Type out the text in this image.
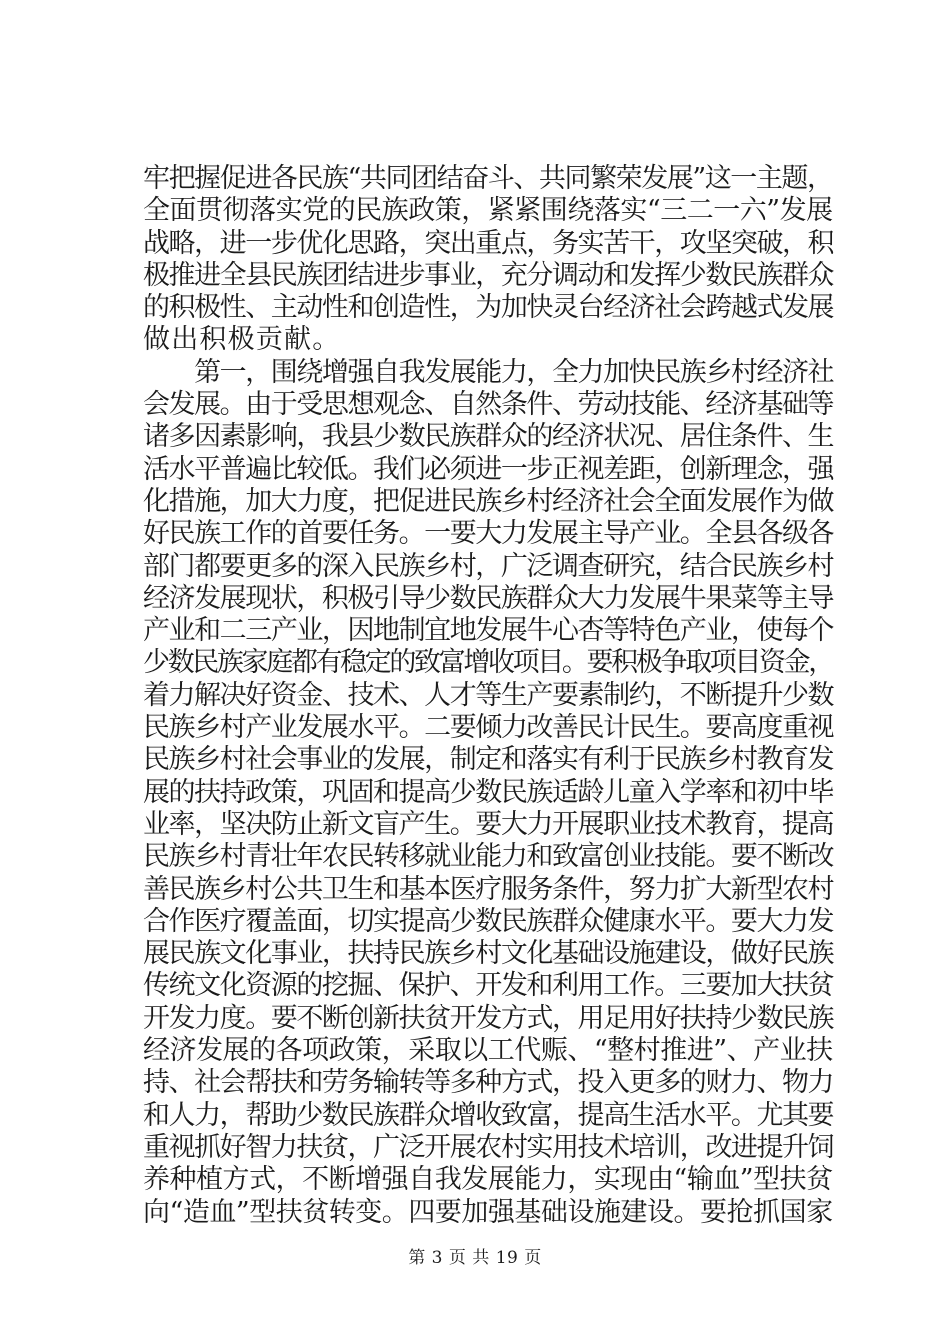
牢把握促进各民族“共同团结奋斗、共同繁荣发展”这一主题，
全面贯彻落实党的民族政策，紧紧围绕落实“三二一六”发展
战略，进一步优化思路，突出重点，务实苦干，攻坚突破，积
极推进全县民族团结进步事业，充分调动和发挥少数民族群众
的积极性、主动性和创造性，为加快灵台经济社会跨越式发展
做出积极贡献。
　　第一，围绕增强自我发展能力，全力加快民族乡村经济社
会发展。由于受思想观念、自然条件、劳动技能、经济基础等
诸多因素影响，我县少数民族群众的经济状况、居住条件、生
活水平普遍比较低。我们必须进一步正视差距，创新理念，强
化措施，加大力度，把促进民族乡村经济社会全面发展作为做
好民族工作的首要任务。一要大力发展主导产业。全县各级各
部门都要更多的深入民族乡村，广泛调查研究，结合民族乡村
经济发展现状，积极引导少数民族群众大力发展牛果菜等主导
产业和二三产业，因地制宜地发展牛心杏等特色产业，使每个
少数民族家庭都有稳定的致富增收项目。要积极争取项目资金，
着力解决好资金、技术、人才等生产要素制约，不断提升少数
民族乡村产业发展水平。二要倾力改善民计民生。要高度重视
民族乡村社会事业的发展，制定和落实有利于民族乡村教育发
展的扶持政策，巩固和提高少数民族适龄儿童入学率和初中毕
业率，坚决防止新文盲产生。要大力开展职业技术教育，提高
民族乡村青壮年农民转移就业能力和致富创业技能。要不断改
善民族乡村公共卫生和基本医疗服务条件，努力扩大新型农村
合作医疗覆盖面，切实提高少数民族群众健康水平。要大力发
展民族文化事业，扶持民族乡村文化基础设施建设，做好民族
传统文化资源的挖掘、保护、开发和利用工作。三要加大扶贫
开发力度。要不断创新扶贫开发方式，用足用好扶持少数民族
经济发展的各项政策，采取以工代赈、“整村推进”、产业扶
持、社会帮扶和劳务输转等多种方式，投入更多的财力、物力
和人力，帮助少数民族群众增收致富，提高生活水平。尤其要
重视抓好智力扶贫，广泛开展农村实用技术培训，改进提升饲
养种植方式，不断增强自我发展能力，实现由“输血”型扶贫
向“造血”型扶贫转变。四要加强基础设施建设。要抢抓国家
第 3 页 共 19 页
